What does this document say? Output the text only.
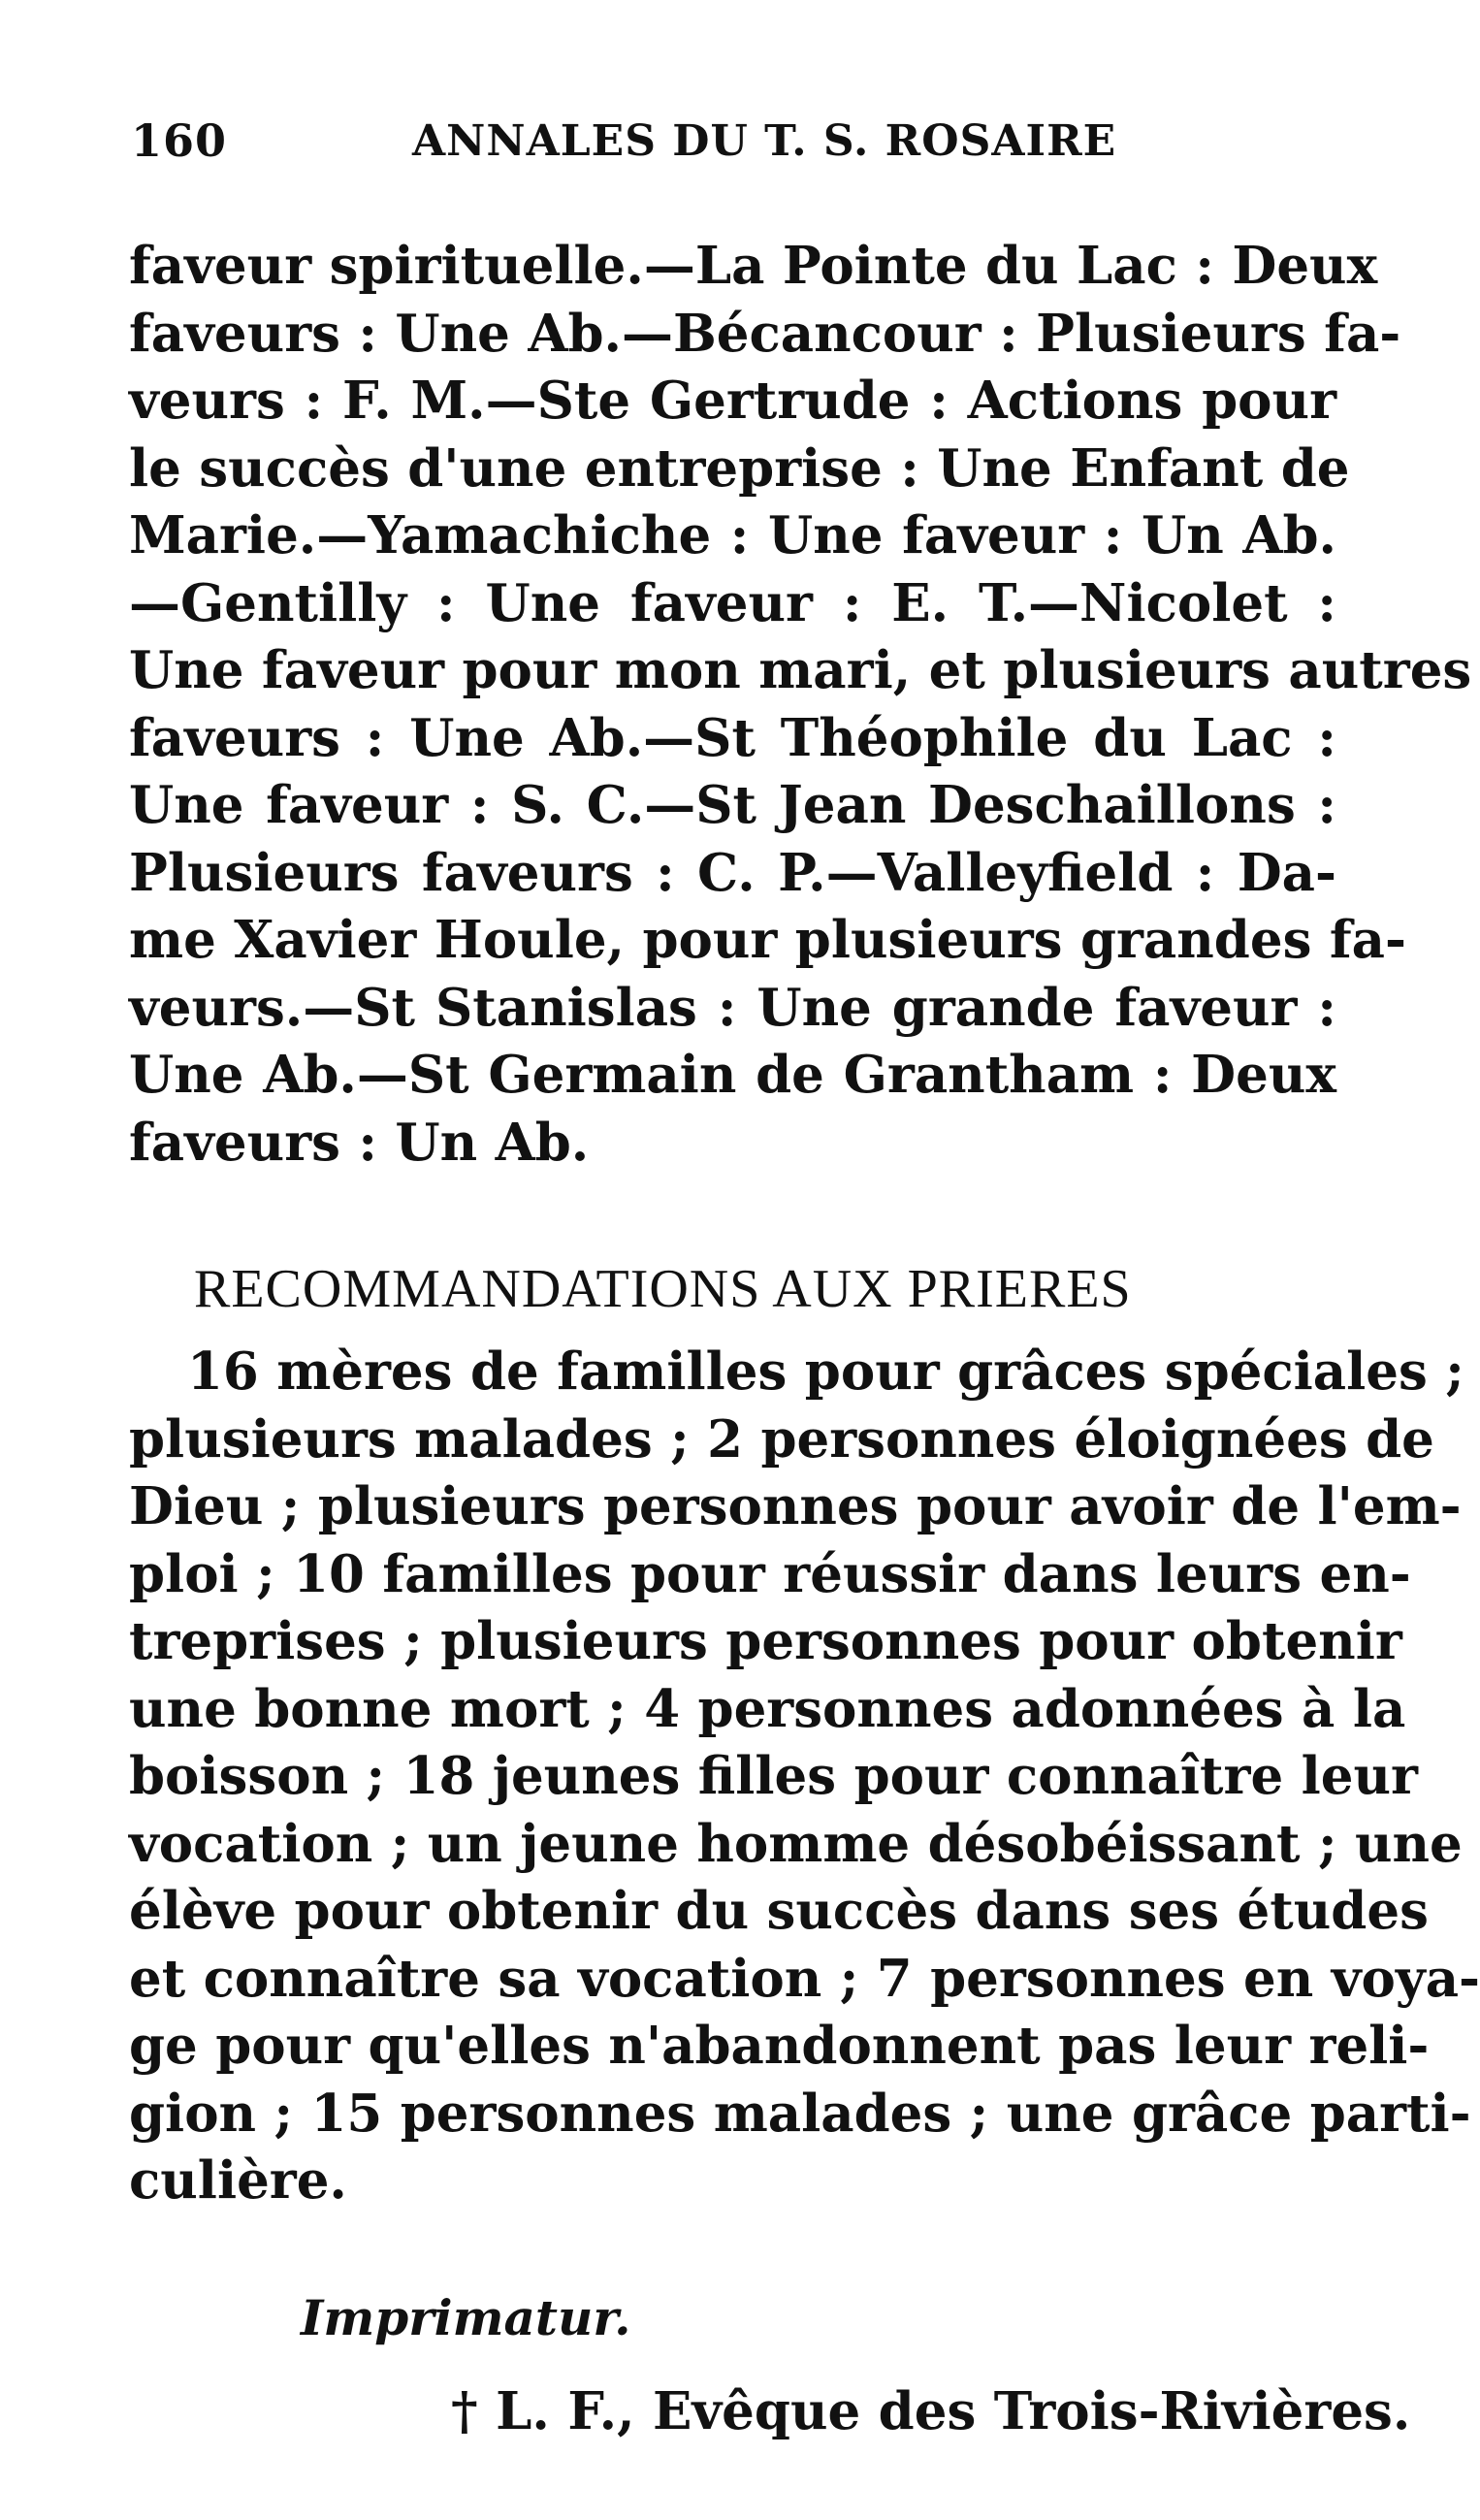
160	ANNALES DU T. S. ROSAIRE
faveur spirituelle.—La Pointe du Lac : Deux
faveurs : Une Ab.—Bécancour : Plusieurs fa-
veurs : F. M.—Ste Gertrude : Actions pour
le succès d'une entreprise : Une Enfant de
Marie.—Yamachiche : Une faveur : Un Ab.
—Gentilly : Une faveur : E. T.—Nicolet :
Une faveur pour mon mari, et plusieurs autres
faveurs : Une Ab.—St Théophile du Lac :
Une faveur : S. C.—St Jean Deschaillons :
Plusieurs faveurs : C. P.—Valleyfield : Da-
me Xavier Houle, pour plusieurs grandes fa-
veurs.—St Stanislas : Une grande faveur :
Une Ab.—St Germain de Grantham : Deux
faveurs : Un Ab.
RECOMMANDATIONS AUX PRIERES
16 mères de familles pour grâces spéciales ;
plusieurs malades ; 2 personnes éloignées de
Dieu ; plusieurs personnes pour avoir de l'em-
ploi ; 10 familles pour réussir dans leurs en-
treprises ; plusieurs personnes pour obtenir
une bonne mort ; 4 personnes adonnées à la
boisson ; 18 jeunes filles pour connaître leur
vocation ; un jeune homme désobéissant ; une
élève pour obtenir du succès dans ses études
et connaître sa vocation ; 7 personnes en voya-
ge pour qu'elles n'abandonnent pas leur reli-
gion ; 15 personnes malades ; une grâce parti-
culière.
Imprimatur.
† L. F., Evêque des Trois-Rivières.
